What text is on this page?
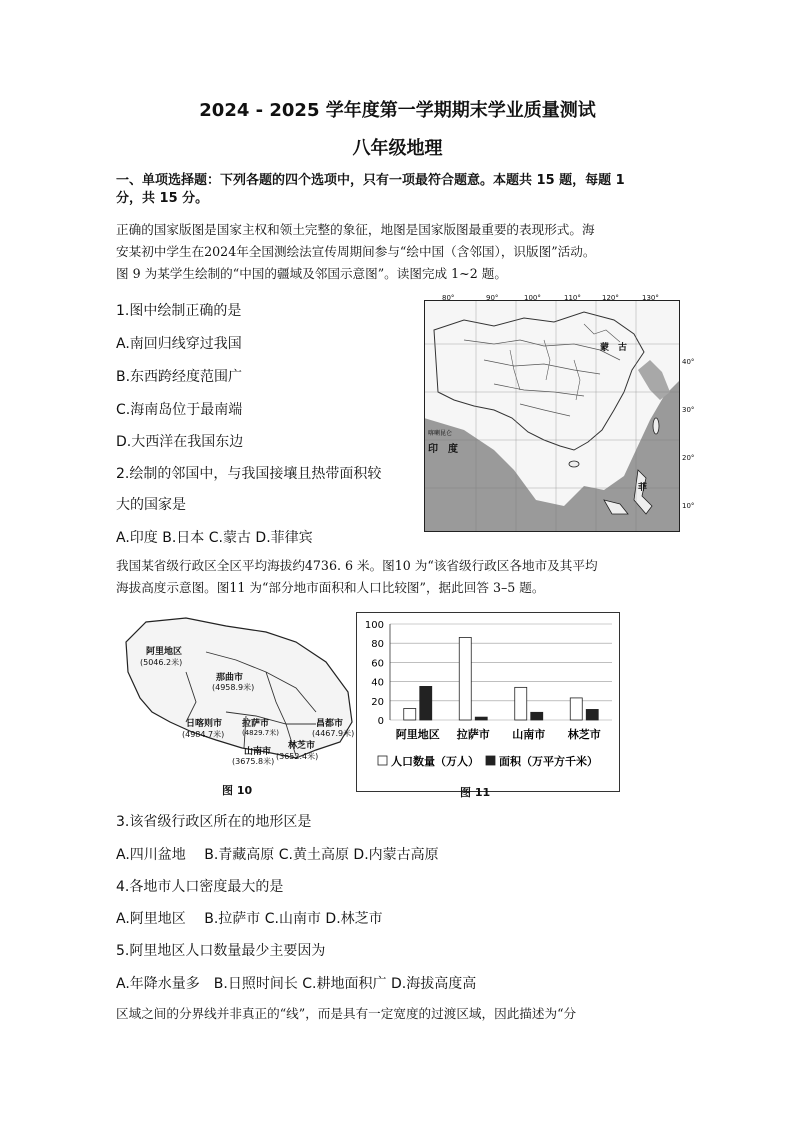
2024 - 2025 学年度第一学期期末学业质量测试
八年级地理
一、单项选择题：下列各题的四个选项中，只有一项最符合题意。本题共 15 题，每题 1
分，共 15 分。
正确的国家版图是国家主权和领土完整的象征，地图是国家版图最重要的表现形式。海
安某初中学生在2024年全国测绘法宣传周期间参与“绘中国（含邻国），识版图”活动。
图 9 为某学生绘制的“中国的疆域及邻国示意图”。读图完成 1~2 题。
1.图中绘制正确的是
A.南回归线穿过我国
B.东西跨经度范围广
C.海南岛位于最南端
D.大西洋在我国东边
2.绘制的邻国中，与我国接壤且热带面积较
大的国家是
A.印度 B.日本 C.蒙古 D.菲律宾
80°	90°	100°	110°	120°	130°
40°
30°
20°
10°
蒙　古
喀喇昆仑
印　度
菲
我国某省级行政区全区平均海拔约4736. 6 米。图10 为“该省级行政区各地市及其平均
海拔高度示意图。图11 为“部分地市面积和人口比较图”，据此回答 3–5 题。
阿里地区
(5046.2米)
那曲市
(4958.9米)
日喀则市
(4984.7米)
拉萨市
(4829.7米)
昌都市
(4467.9米)
山南市
(3675.8米)
林芝市
(3652.4米)
图 10
0
20
40
60
80
100
阿里地区 拉萨市 山南市 林芝市
人口数量（万人） 面积（万平方千米）
图 11
3.该省级行政区所在的地形区是
A.四川盆地　 B.青藏高原 C.黄土高原 D.内蒙古高原
4.各地市人口密度最大的是
A.阿里地区　 B.拉萨市 C.山南市 D.林芝市
5.阿里地区人口数量最少主要因为
A.年降水量多　B.日照时间长 C.耕地面积广 D.海拔高度高
区域之间的分界线并非真正的“线”，而是具有一定宽度的过渡区域，因此描述为“分
